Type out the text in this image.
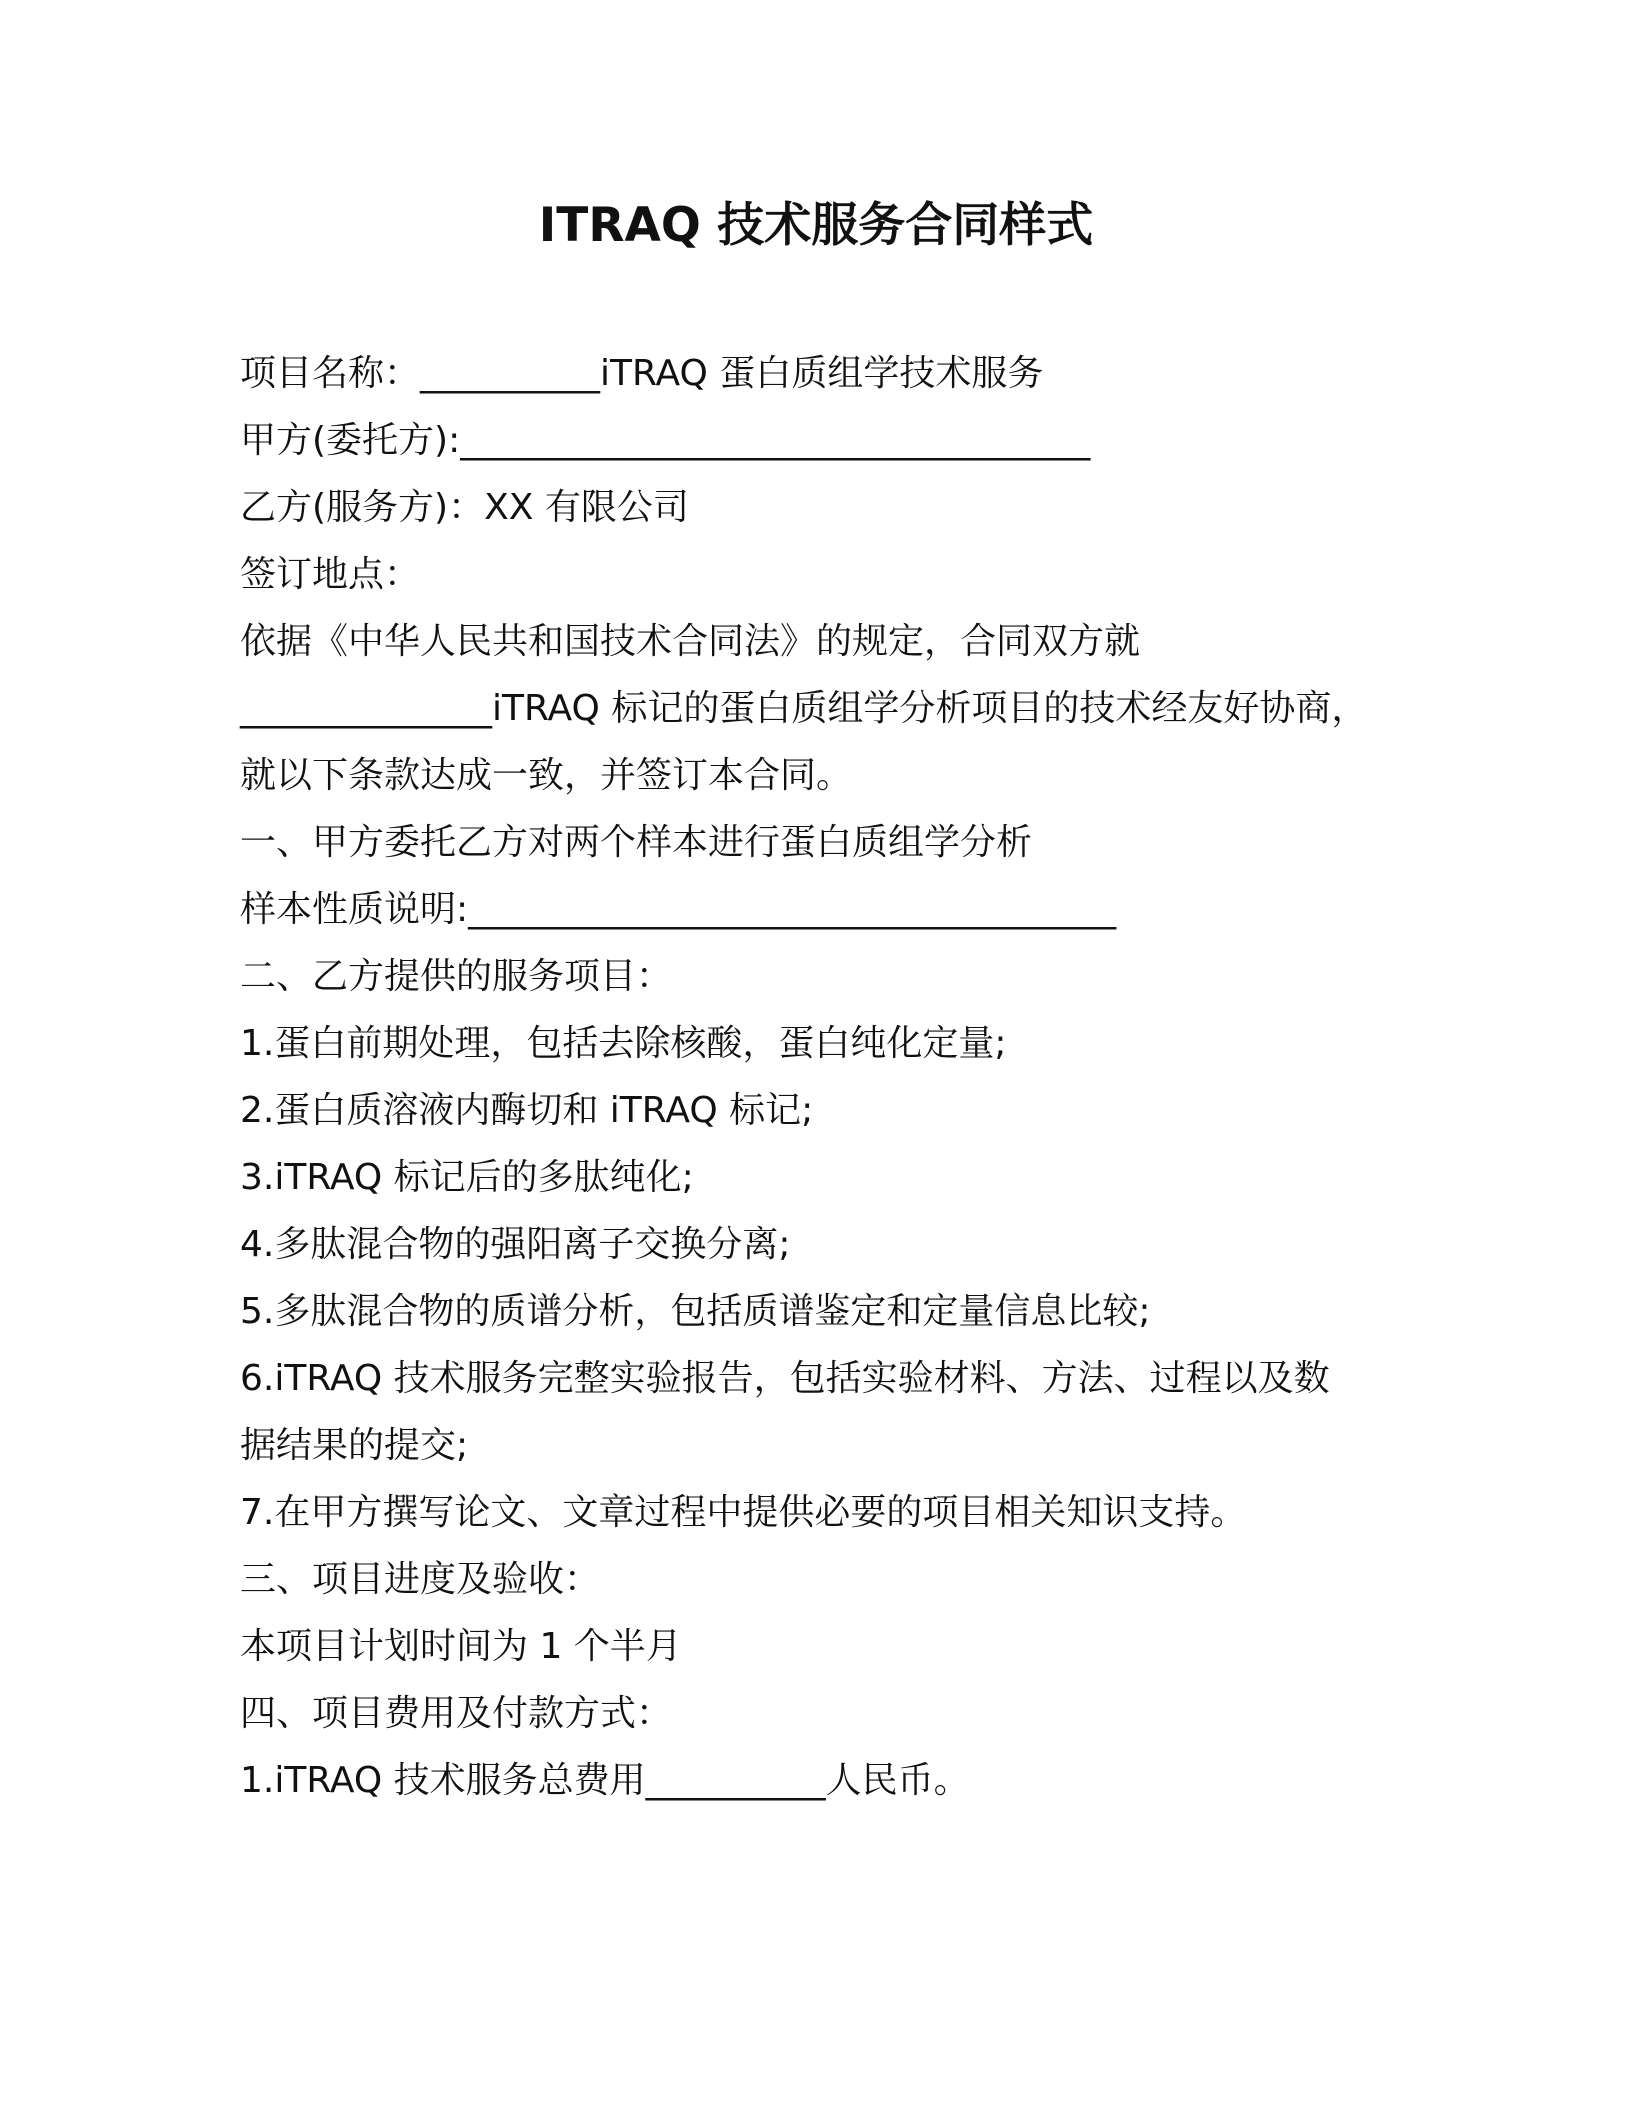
ITRAQ 技术服务合同样式
项目名称：__________iTRAQ 蛋白质组学技术服务
甲方(委托方):___________________________________
乙方(服务方)：XX 有限公司
签订地点：
依据《中华人民共和国技术合同法》的规定，合同双方就
______________iTRAQ 标记的蛋白质组学分析项目的技术经友好协商，
就以下条款达成一致，并签订本合同。
一、甲方委托乙方对两个样本进行蛋白质组学分析
样本性质说明:____________________________________
二、乙方提供的服务项目：
1.蛋白前期处理，包括去除核酸，蛋白纯化定量;
2.蛋白质溶液内酶切和 iTRAQ 标记;
3.iTRAQ 标记后的多肽纯化;
4.多肽混合物的强阳离子交换分离;
5.多肽混合物的质谱分析，包括质谱鉴定和定量信息比较;
6.iTRAQ 技术服务完整实验报告，包括实验材料、方法、过程以及数
据结果的提交;
7.在甲方撰写论文、文章过程中提供必要的项目相关知识支持。
三、项目进度及验收：
本项目计划时间为 1 个半月
四、项目费用及付款方式：
1.iTRAQ 技术服务总费用__________人民币。
